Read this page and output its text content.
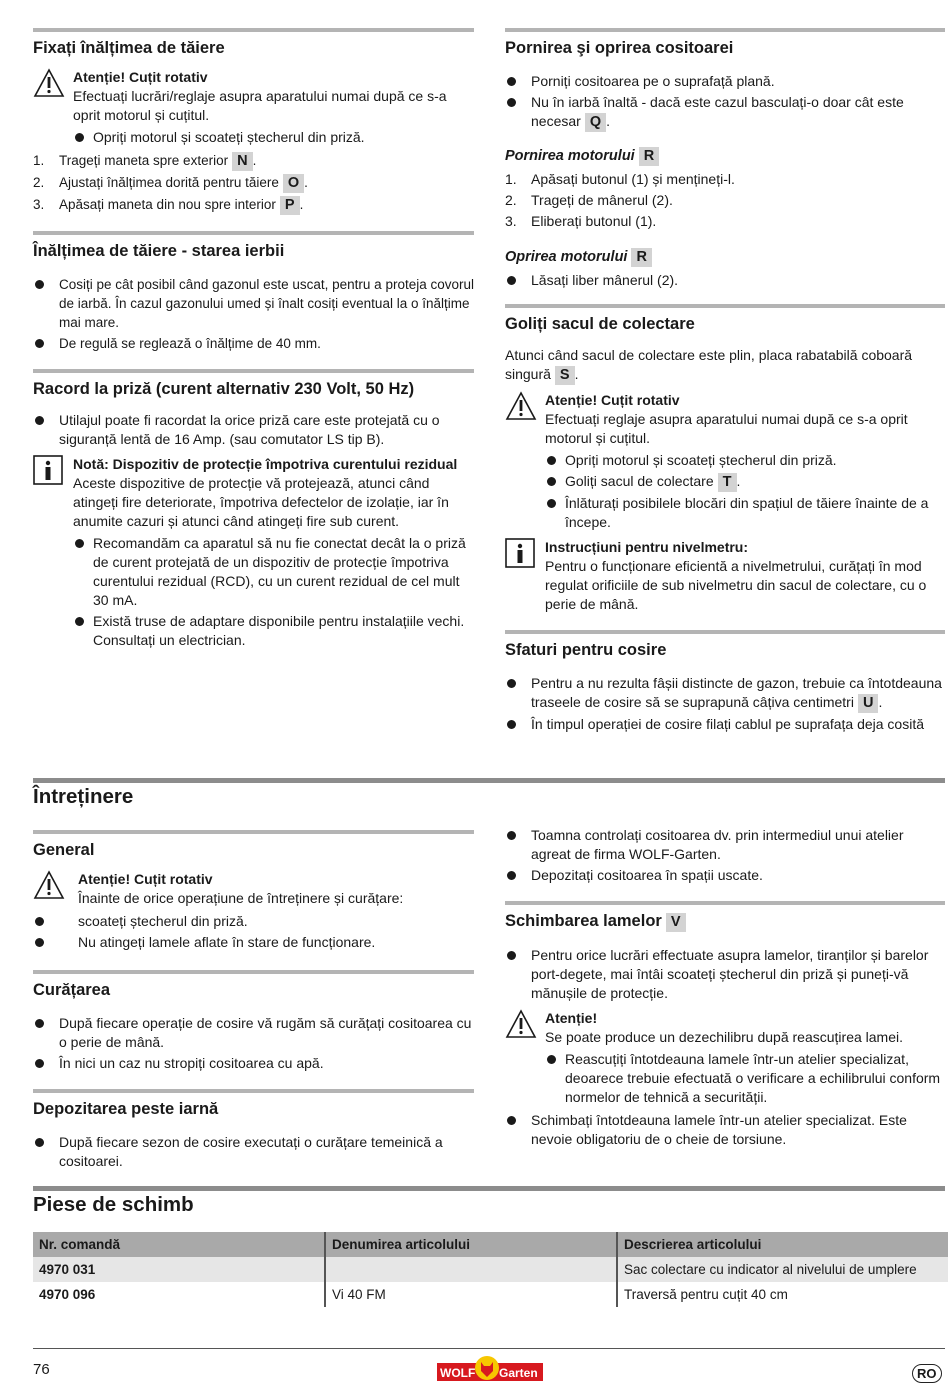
Fixați înălțimea de tăiere
Atenție! Cuțit rotativ

Efectuați lucrări/reglaje asupra aparatului numai după ce s-a oprit motorul și cuțitul.

Opriți motorul și scoateți ștecherul din priză.
1. Trageți maneta spre exterior N .
2. Ajustați înălțimea dorită pentru tăiere O .
3. Apăsați maneta din nou spre interior P .
Înălțimea de tăiere - starea ierbii
Cosiți pe cât posibil când gazonul este uscat, pentru a proteja covorul de iarbă. În cazul gazonului umed și înalt cosiți eventual la o înălțime mai mare.
De regulă se reglează o înălțime de 40 mm.
Racord la priză (curent alternativ 230 Volt, 50 Hz)
Utilajul poate fi racordat la orice priză care este protejată cu o siguranță lentă de 16 Amp. (sau comutator LS tip B).
Notă: Dispozitiv de protecție împotriva curentului rezidual

Aceste dispozitive de protecție vă protejează, atunci când atingeți fire deteriorate, împotriva defectelor de izolație, iar în anumite cazuri și atunci când atingeți fire sub curent.

Recomandăm ca aparatul să nu fie conectat decât la o priză de curent protejată de un dispozitiv de protecție împotriva curentului rezidual (RCD), cu un curent rezidual de cel mult 30 mA.
Există truse de adaptare disponibile pentru instalațiile vechi. Consultați un electrician.
Pornirea şi oprirea cositoarei
Porniți cositoarea pe o suprafață plană.
Nu în iarbă înaltă - dacă este cazul basculați-o doar cât este necesar Q .
Pornirea motorului R
1. Apăsați butonul (1) și mențineți-l.
2. Trageți de mânerul (2).
3. Eliberați butonul (1).
Oprirea motorului R
Lăsați liber mânerul (2).
Goliți sacul de colectare

Atunci când sacul de colectare este plin, placa rabatabilă coboară singură S .

Atenție! Cuțit rotativ

Efectuați reglaje asupra aparatului numai după ce s-a oprit motorul și cuțitul.

Opriți motorul și scoateți ștecherul din priză.
Goliți sacul de colectare T .
Înlăturați posibilele blocări din spațiul de tăiere înainte de a începe.
Instrucțiuni pentru nivelmetru:

Pentru o funcționare eficientă a nivelmetrului, curățați în mod regulat orificiile de sub nivelmetru din sacul de colectare, cu o perie de mână.

Sfaturi pentru cosire
Pentru a nu rezulta fâșii distincte de gazon, trebuie ca întotdeauna traseele de cosire să se suprapună câțiva centimetri U .
În timpul operației de cosire filați cablul pe suprafața deja cosită
Întreținere
General
Atenție! Cuțit rotativ

Înainte de orice operațiune de întreținere și curățare:

scoateți ștecherul din priză.
Nu atingeți lamele aflate în stare de funcționare.
Curățarea
După fiecare operație de cosire vă rugăm să curățați cositoarea cu o perie de mână.
În nici un caz nu stropiți cositoarea cu apă.
Depozitarea peste iarnă
După fiecare sezon de cosire executați o curățare temeinică a cositoarei.
Toamna controlați cositoarea dv. prin intermediul unui atelier agreat de firma WOLF-Garten.
Depozitați cositoarea în spații uscate.
Schimbarea lamelor V
Pentru orice lucrări effectuate asupra lamelor, tiranților și barelor port-degete, mai întâi scoateți ștecherul din priză și puneți-vă mănușile de protecție.
Atenție!

Se poate produce un dezechilibru după reascuțirea lamei.

Reascuțiți întotdeauna lamele într-un atelier specializat, deoarece trebuie efectuată o verificare a echilibrului conform normelor de tehnică a securității.
Schimbați întotdeauna lamele într-un atelier specializat. Este nevoie obligatoriu de o cheie de torsiune.
Piese de schimb
Nr. comandă	Denumirea articolului	Descrierea articolului
4970 031		Sac colectare cu indicator al nivelului de umplere
4970 096	Vi 40 FM	Traversă pentru cuțit 40 cm
76	WOLF Garten	RO
